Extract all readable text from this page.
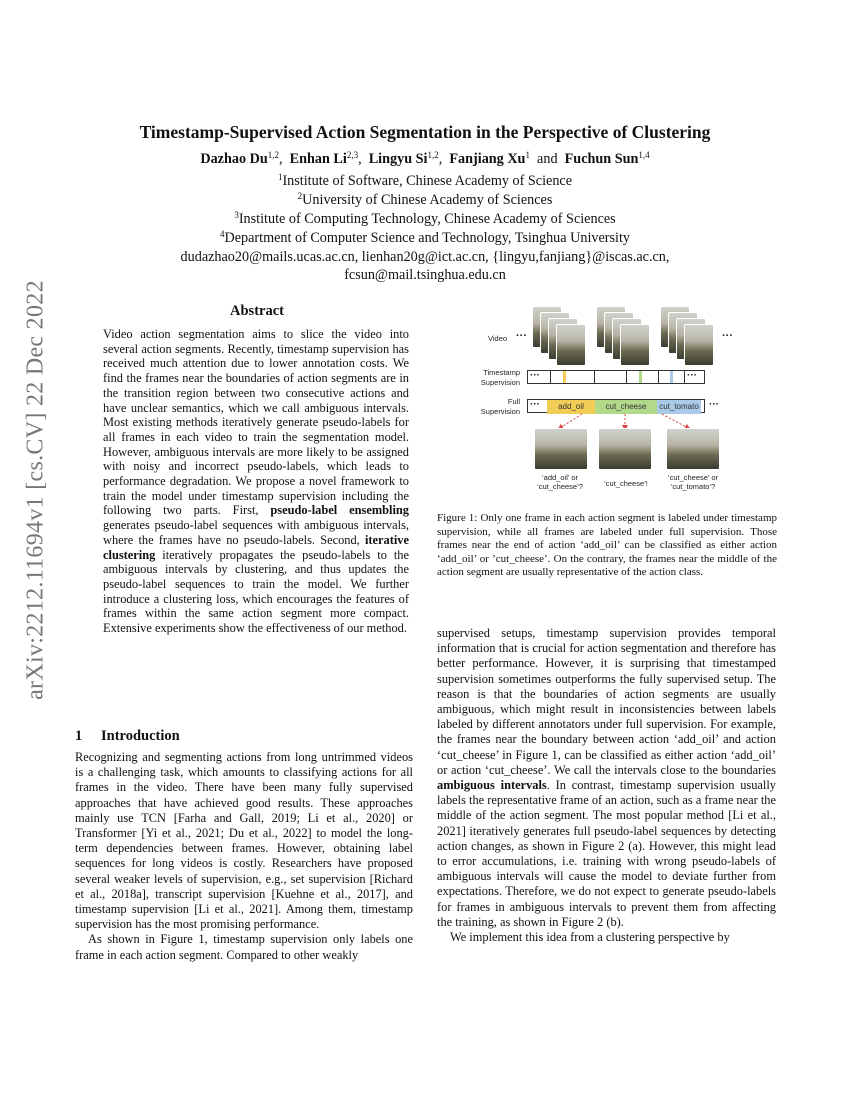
arXiv:2212.11694v1 [cs.CV] 22 Dec 2022
Timestamp-Supervised Action Segmentation in the Perspective of Clustering
Dazhao Du$^{1,2}$,  Enhan Li$^{2,3}$,  Lingyu Si$^{1,2}$,  Fanjiang Xu$^1$ and Fuchun Sun$^{1,4}$
$^1$Institute of Software, Chinese Academy of Science
$^2$University of Chinese Academy of Sciences
$^3$Institute of Computing Technology, Chinese Academy of Sciences
$^4$Department of Computer Science and Technology, Tsinghua University
dudazhao20@mails.ucas.ac.cn, lienhan20g@ict.ac.cn, {lingyu,fanjiang}@iscas.ac.cn,
fcsun@mail.tsinghua.edu.cn
Abstract

Video action segmentation aims to slice the video into several action segments. Recently, timestamp supervision has received much attention due to lower annotation costs. We find the frames near the boundaries of action segments are in the transition region between two consecutive actions and have unclear semantics, which we call ambiguous intervals. Most existing methods iteratively generate pseudo-labels for all frames in each video to train the segmentation model. However, ambiguous intervals are more likely to be assigned with noisy and incorrect pseudo-labels, which leads to performance degradation. We propose a novel framework to train the model under timestamp supervision including the following two parts. First, pseudo-label ensembling generates pseudo-label sequences with ambiguous intervals, where the frames have no pseudo-labels. Second, iterative clustering iteratively propagates the pseudo-labels to the ambiguous intervals by clustering, and thus updates the pseudo-label sequences to train the model. We further introduce a clustering loss, which encourages the features of frames within the same action segment more compact. Extensive experiments show the effectiveness of our method.

1 Introduction

Recognizing and segmenting actions from long untrimmed videos is a challenging task, which amounts to classifying actions for all frames in the video. There have been many fully supervised approaches that have achieved good results. These approaches mainly use TCN [Farha and Gall, 2019; Li et al., 2020] or Transformer [Yi et al., 2021; Du et al., 2022] to model the long-term dependencies between frames. However, obtaining label sequences for long videos is costly. Researchers have proposed several weaker levels of supervision, e.g., set supervision [Richard et al., 2018a], transcript supervision [Kuehne et al., 2017], and timestamp supervision [Li et al., 2021]. Among them, timestamp supervision has the most promising performance.

As shown in Figure 1, timestamp supervision only labels one frame in each action segment. Compared to other weakly

supervised setups, timestamp supervision provides temporal information that is crucial for action segmentation and therefore has better performance. However, it is surprising that timestamped supervision sometimes outperforms the fully supervised setup. The reason is that the boundaries of action segments are usually ambiguous, which might result in inconsistencies between labels labeled by different annotators under full supervision. For example, the frames near the boundary between action ‘add_oil’ and action ‘cut_cheese’ in Figure 1, can be classified as either action ‘add_oil’ or action ‘cut_cheese’. We call the intervals close to the boundaries ambiguous intervals. In contrast, timestamp supervision usually labels the representative frame of an action, such as a frame near the middle of the action segment. The most popular method [Li et al., 2021] iteratively generates full pseudo-label sequences by detecting action changes, as shown in Figure 2 (a). However, this might lead to error accumulations, i.e. training with wrong pseudo-labels of ambiguous intervals will cause the model to deviate further from expectations. Therefore, we do not expect to generate pseudo-labels for frames in ambiguous intervals to prevent them from affecting the training, as shown in Figure 2 (b).

We implement this idea from a clustering perspective by

Video
Timestamp
Supervision
Full
Supervision
···	···
···	···
add_oil	cut_cheese	cut_tomato
···	···
‘add_oil’ or
‘cut_cheese’?	‘cut_cheese’!
‘cut_cheese’ or
‘cut_tomato’?
Figure 1: Only one frame in each action segment is labeled under timestamp supervision, while all frames are labeled under full supervision. Those frames near the end of action ‘add_oil’ can be classified as either action ‘add_oil’ or ’cut_cheese’. On the contrary, the frames near the middle of the action segment are usually representative of the action class.
